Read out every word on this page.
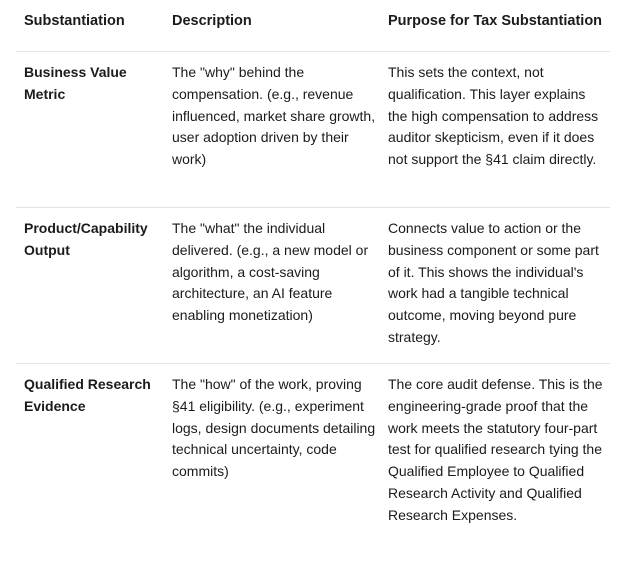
Substantiation	Description	Purpose for Tax Substantiation
Business Value Metric
The "why" behind the compensation. (e.g., revenue influenced, market share growth, user adoption driven by their work)
This sets the context, not qualification. This layer explains the high compensation to address auditor skepticism, even if it does not support the §41 claim directly.
Product/Capability Output
The "what" the individual delivered. (e.g., a new model or algorithm, a cost-saving architecture, an AI feature enabling monetization)
Connects value to action or the business component or some part of it. This shows the individual's work had a tangible technical outcome, moving beyond pure strategy.
Qualified Research Evidence
The "how" of the work, proving §41 eligibility. (e.g., experiment logs, design documents detailing technical uncertainty, code commits)
The core audit defense. This is the engineering-grade proof that the work meets the statutory four-part test for qualified research tying the Qualified Employee to Qualified Research Activity and Qualified Research Expenses.
